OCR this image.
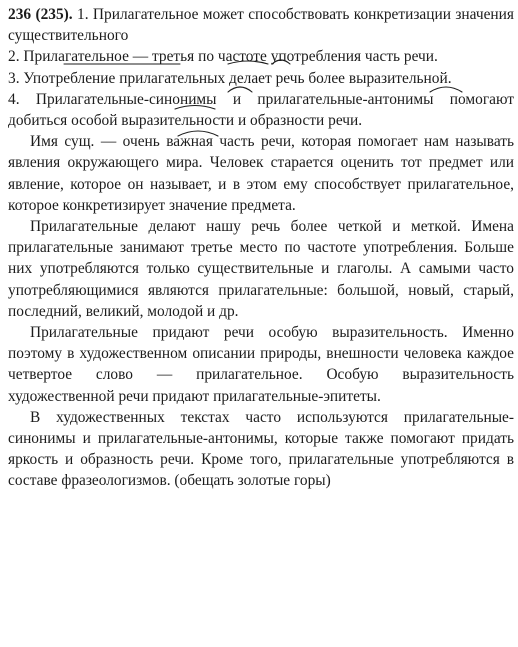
236 (235). 1. Прилагательное может способствовать конкретизации значения существительного
2. Прилагательное — третья по частоте употребления часть речи.
3. Употребление прилагательных делает речь более выразительной.
4. Прилагательные-синонимы и прилагательные-антонимы помогают добиться особой выразительности и образности речи.
Имя сущ. — очень важная часть речи, которая помогает нам называть явления окружающего мира. Человек старается оценить тот предмет или явление, которое он называет, и в этом ему способствует прилагательное, которое конкретизирует значение предмета.
Прилагательные делают нашу речь более четкой и меткой. Имена прилагательные занимают третье место по частоте употребления. Больше них употребляются только существительные и глаголы. А самыми часто употребляющимися являются прилагательные: большой, новый, старый, последний, великий, молодой и др.
Прилагательные придают речи особую выразительность. Именно поэтому в художественном описании природы, внешности человека каждое четвертое слово — прилагательное. Особую выразительность художественной речи придают прилагательные-эпитеты.
В художественных текстах часто используются прилагательные-синонимы и прилагательные-антонимы, которые также помогают придать яркость и образность речи. Кроме того, прилагательные употребляются в составе фразеологизмов. (обещать золотые горы)
